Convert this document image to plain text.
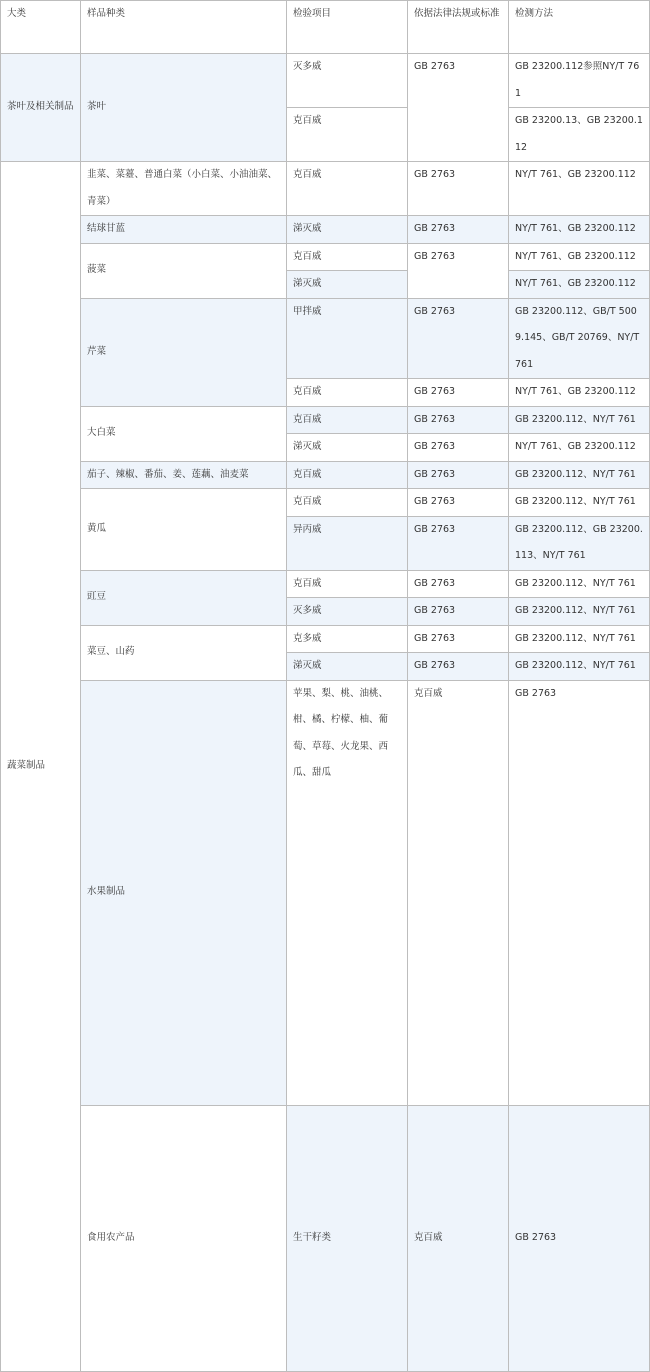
大类	样品种类	检验项目	依据法律法规或标准	检测方法	
茶叶及相关制品	茶叶	灭多威	GB 2763	GB 23200.112参照NY/T 761	
		克百威		GB 23200.13、GB 23200.112	
蔬菜制品	韭菜、菜薹、普通白菜（小白菜、小油油菜、青菜）	克百威	GB 2763	NY/T 761、GB 23200.112	
	结球甘蓝	涕灭威	GB 2763	NY/T 761、GB 23200.112	
	菠菜	克百威	GB 2763	NY/T 761、GB 23200.112	
		涕灭威		NY/T 761、GB 23200.112	
	芹菜	甲拌威	GB 2763	GB 23200.112、GB/T 5009.145、GB/T 20769、NY/T 761	
		克百威	GB 2763	NY/T 761、GB 23200.112	
	大白菜	克百威	GB 2763	GB 23200.112、NY/T 761	
		涕灭威	GB 2763	NY/T 761、GB 23200.112	
	茄子、辣椒、番茄、姜、莲藕、油麦菜	克百威	GB 2763	GB 23200.112、NY/T 761	
	黄瓜	克百威	GB 2763	GB 23200.112、NY/T 761	
		异丙威	GB 2763	GB 23200.112、GB 23200.113、NY/T 761	
	豇豆	克百威	GB 2763	GB 23200.112、NY/T 761	
		灭多威	GB 2763	GB 23200.112、NY/T 761	
	菜豆、山药	克多威	GB 2763	GB 23200.112、NY/T 761	
		涕灭威	GB 2763	GB 23200.112、NY/T 761	
	水果制品	苹果、梨、桃、油桃、柑、橘、柠檬、柚、葡萄、草莓、火龙果、西瓜、甜瓜	克百威	GB 2763	
	食用农产品	生干籽类	克百威	GB 2763	
